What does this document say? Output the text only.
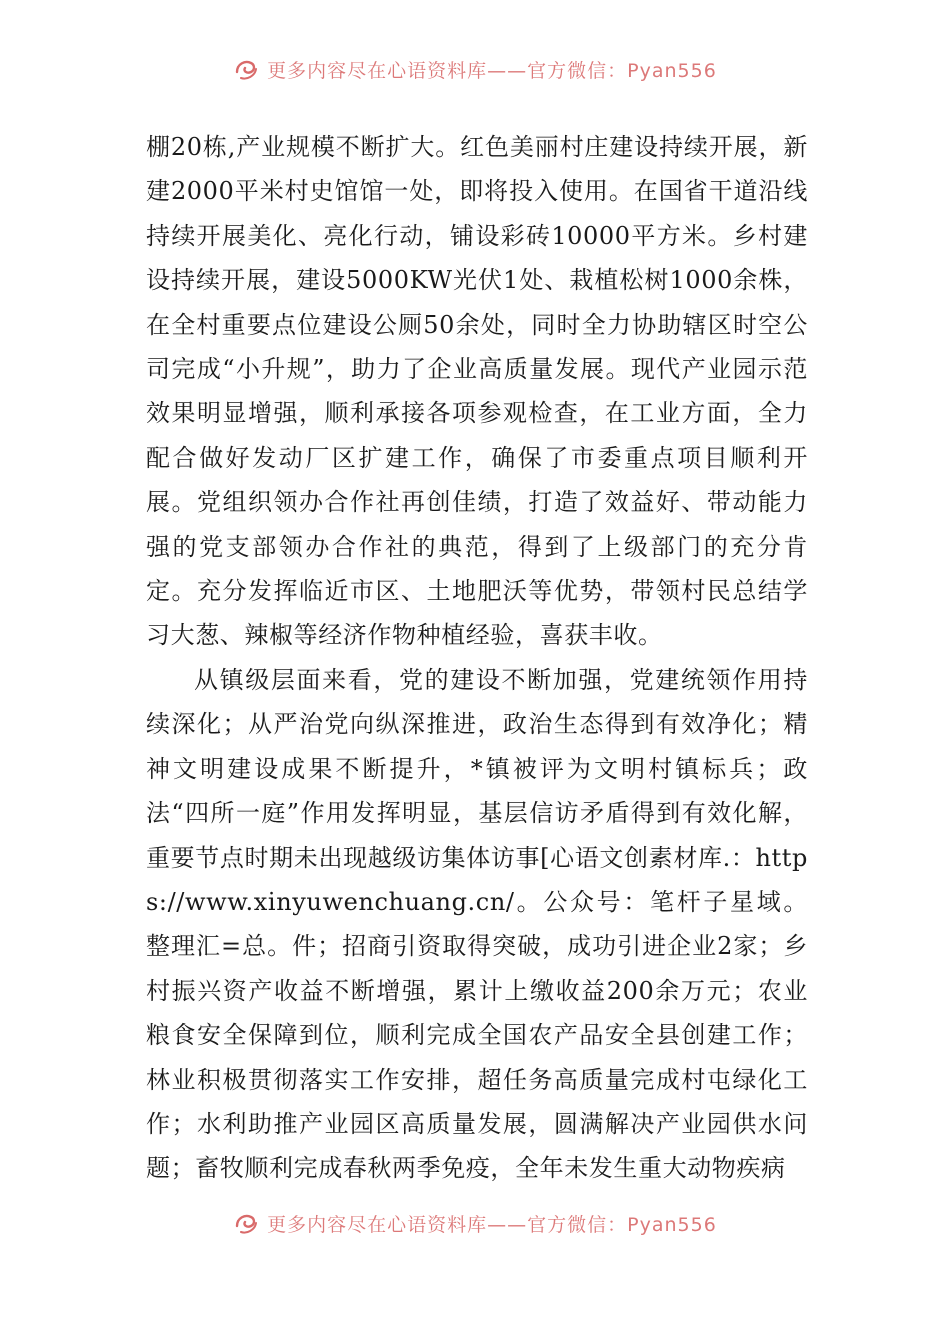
更多内容尽在心语资料库——官方微信：Pyan556

棚20栋,产业规模不断扩大。红色美丽村庄建设持续开展，新建2000平米村史馆馆一处，即将投入使用。在国省干道沿线持续开展美化、亮化行动，铺设彩砖10000平方米。乡村建设持续开展，建设5000KW光伏1处、栽植松树1000余株，在全村重要点位建设公厕50余处，同时全力协助辖区时空公司完成“小升规”，助力了企业高质量发展。现代产业园示范效果明显增强，顺利承接各项参观检查，在工业方面，全力配合做好发动厂区扩建工作，确保了市委重点项目顺利开展。党组织领办合作社再创佳绩，打造了效益好、带动能力强的党支部领办合作社的典范，得到了上级部门的充分肯定。充分发挥临近市区、土地肥沃等优势，带领村民总结学习大葱、辣椒等经济作物种植经验，喜获丰收。

从镇级层面来看，党的建设不断加强，党建统领作用持续深化；从严治党向纵深推进，政治生态得到有效净化；精神文明建设成果不断提升，*镇被评为文明村镇标兵；政法“四所一庭”作用发挥明显，基层信访矛盾得到有效化解，重要节点时期未出现越级访集体访事[心语文创素材库.：https://www.xinyuwenchuang.cn/。公众号：笔杆子星域。整理汇=总。件；招商引资取得突破，成功引进企业2家；乡村振兴资产收益不断增强，累计上缴收益200余万元；农业粮食安全保障到位，顺利完成全国农产品安全县创建工作；林业积极贯彻落实工作安排，超任务高质量完成村屯绿化工作；水利助推产业园区高质量发展，圆满解决产业园供水问题；畜牧顺利完成春秋两季免疫，全年未发生重大动物疾病

更多内容尽在心语资料库——官方微信：Pyan556
